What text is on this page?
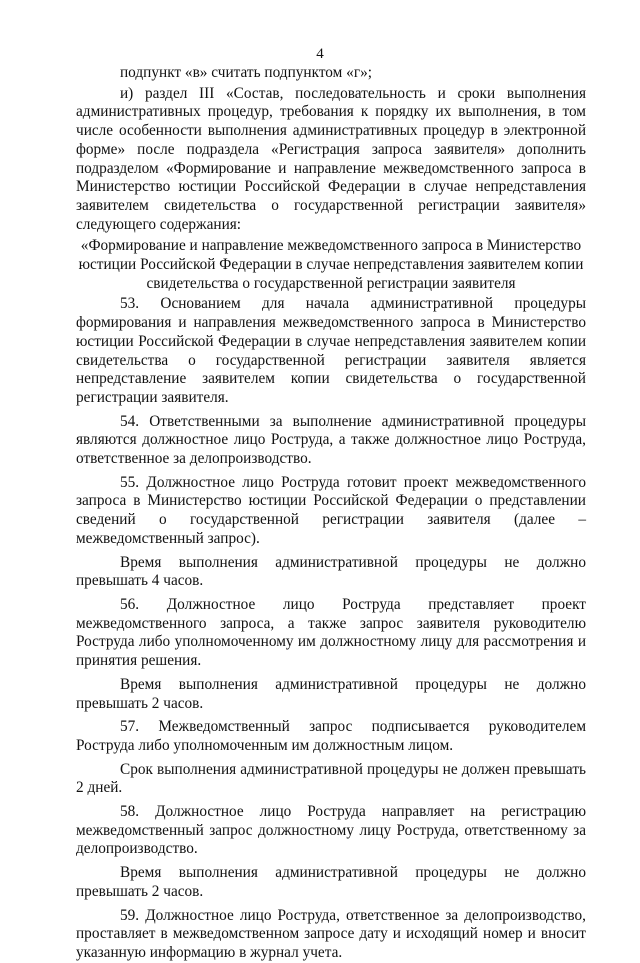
4

подпункт «в» считать подпунктом «г»;

и) раздел III «Состав, последовательность и сроки выполнения административных процедур, требования к порядку их выполнения, в том числе особенности выполнения административных процедур в электронной форме» после подраздела «Регистрация запроса заявителя» дополнить подразделом «Формирование и направление межведомственного запроса в Министерство юстиции Российской Федерации в случае непредставления заявителем свидетельства о государственной регистрации заявителя» следующего содержания:

«Формирование и направление межведомственного запроса в Министерство
юстиции Российской Федерации в случае непредставления заявителем копии
свидетельства о государственной регистрации заявителя

53. Основанием для начала административной процедуры формирования и направления межведомственного запроса в Министерство юстиции Российской Федерации в случае непредставления заявителем копии свидетельства о государственной регистрации заявителя является непредставление заявителем копии свидетельства о государственной регистрации заявителя.

54. Ответственными за выполнение административной процедуры являются должностное лицо Роструда, а также должностное лицо Роструда, ответственное за делопроизводство.

55. Должностное лицо Роструда готовит проект межведомственного запроса в Министерство юстиции Российской Федерации о представлении сведений о государственной регистрации заявителя (далее – межведомственный запрос).

Время выполнения административной процедуры не должно превышать 4 часов.

56. Должностное лицо Роструда представляет проект межведомственного запроса, а также запрос заявителя руководителю Роструда либо уполномоченному им должностному лицу для рассмотрения и принятия решения.

Время выполнения административной процедуры не должно превышать 2 часов.

57. Межведомственный запрос подписывается руководителем Роструда либо уполномоченным им должностным лицом.

Срок выполнения административной процедуры не должен превышать 2 дней.

58. Должностное лицо Роструда направляет на регистрацию межведомственный запрос должностному лицу Роструда, ответственному за делопроизводство.

Время выполнения административной процедуры не должно превышать 2 часов.

59. Должностное лицо Роструда, ответственное за делопроизводство, проставляет в межведомственном запросе дату и исходящий номер и вносит указанную информацию в журнал учета.
